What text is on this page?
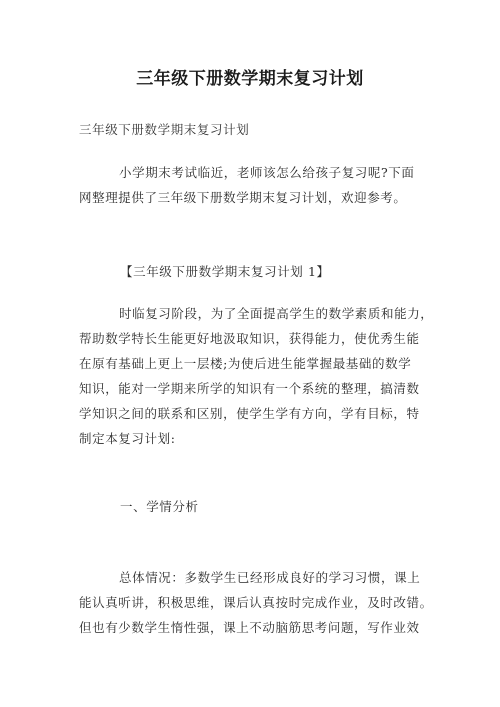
三年级下册数学期末复习计划
三年级下册数学期末复习计划
小学期末考试临近，老师该怎么给孩子复习呢?下面
网整理提供了三年级下册数学期末复习计划，欢迎参考。
【三年级下册数学期末复习计划 1】
时临复习阶段，为了全面提高学生的数学素质和能力，
帮助数学特长生能更好地汲取知识，获得能力，使优秀生能
在原有基础上更上一层楼;为使后进生能掌握最基础的数学
知识，能对一学期来所学的知识有一个系统的整理，搞清数
学知识之间的联系和区别，使学生学有方向，学有目标，特
制定本复习计划:
一、学情分析
总体情况：多数学生已经形成良好的学习习惯，课上
能认真听讲，积极思维，课后认真按时完成作业，及时改错。
但也有少数学生惰性强，课上不动脑筋思考问题，写作业效
